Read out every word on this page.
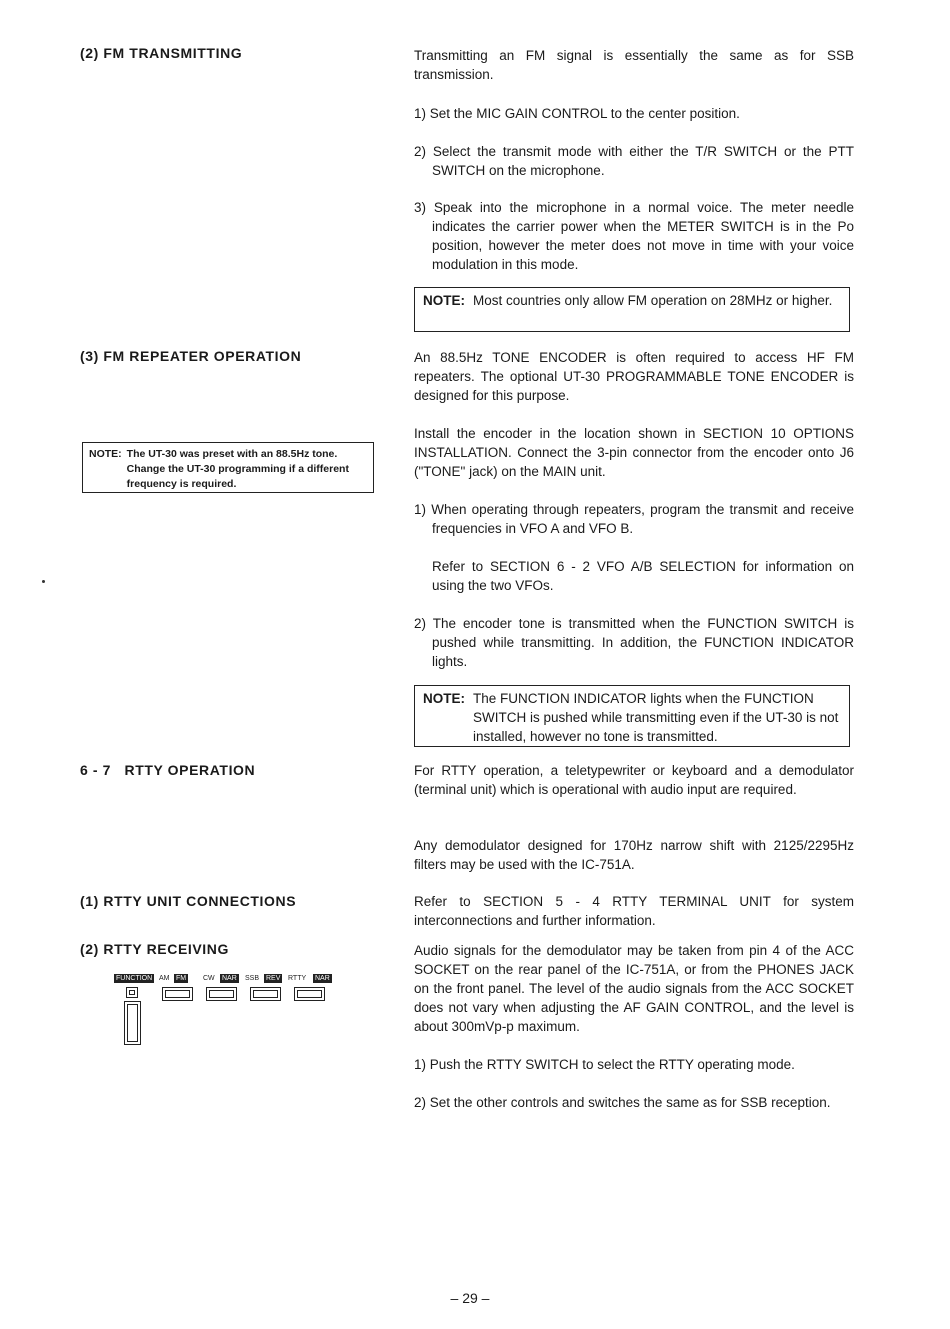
(2) FM TRANSMITTING	Transmitting an FM signal is essentially the same as for SSB transmission.

1) Set the MIC GAIN CONTROL to the center position.

2) Select the transmit mode with either the T/R SWITCH or the PTT SWITCH on the microphone.

3) Speak into the microphone in a normal voice. The meter needle indicates the carrier power when the METER SWITCH is in the Po position, however the meter does not move in time with your voice modulation in this mode.

NOTE: Most countries only allow FM operation on 28MHz or higher.
(3) FM REPEATER OPERATION	An 88.5Hz TONE ENCODER is often required to access HF FM repeaters. The optional UT-30 PROGRAMMABLE TONE ENCODER is designed for this purpose.

Install the encoder in the location shown in SECTION 10 OPTIONS INSTALLATION. Connect the 3-pin connector from the encoder onto J6 ("TONE" jack) on the MAIN unit.

NOTE: The UT-30 was preset with an 88.5Hz tone. Change the UT-30 programming if a different frequency is required.

1) When operating through repeaters, program the transmit and receive frequencies in VFO A and VFO B.

Refer to SECTION 6 - 2 VFO A/B SELECTION for information on using the two VFOs.

2) The encoder tone is transmitted when the FUNCTION SWITCH is pushed while transmitting. In addition, the FUNCTION INDICATOR lights.

NOTE: The FUNCTION INDICATOR lights when the FUNCTION SWITCH is pushed while transmitting even if the UT-30 is not installed, however no tone is transmitted.
6 - 7   RTTY OPERATION	For RTTY operation, a teletypewriter or keyboard and a demodulator (terminal unit) which is operational with audio input are required.

Any demodulator designed for 170Hz narrow shift with 2125/2295Hz filters may be used with the IC-751A.

(1) RTTY UNIT CONNECTIONS	Refer to SECTION 5 - 4 RTTY TERMINAL UNIT for system interconnections and further information.

(2) RTTY RECEIVING	Audio signals for the demodulator may be taken from pin 4 of the ACC SOCKET on the rear panel of the IC-751A, or from the PHONES JACK on the front panel. The level of the audio signals from the ACC SOCKET does not vary when adjusting the AF GAIN CONTROL, and the level is about 300mVp-p maximum.

1) Push the RTTY SWITCH to select the RTTY operating mode.

2) Set the other controls and switches the same as for SSB reception.

FUNCTION AM FM CW NAR SSB REV RTTY NAR
– 29 –
